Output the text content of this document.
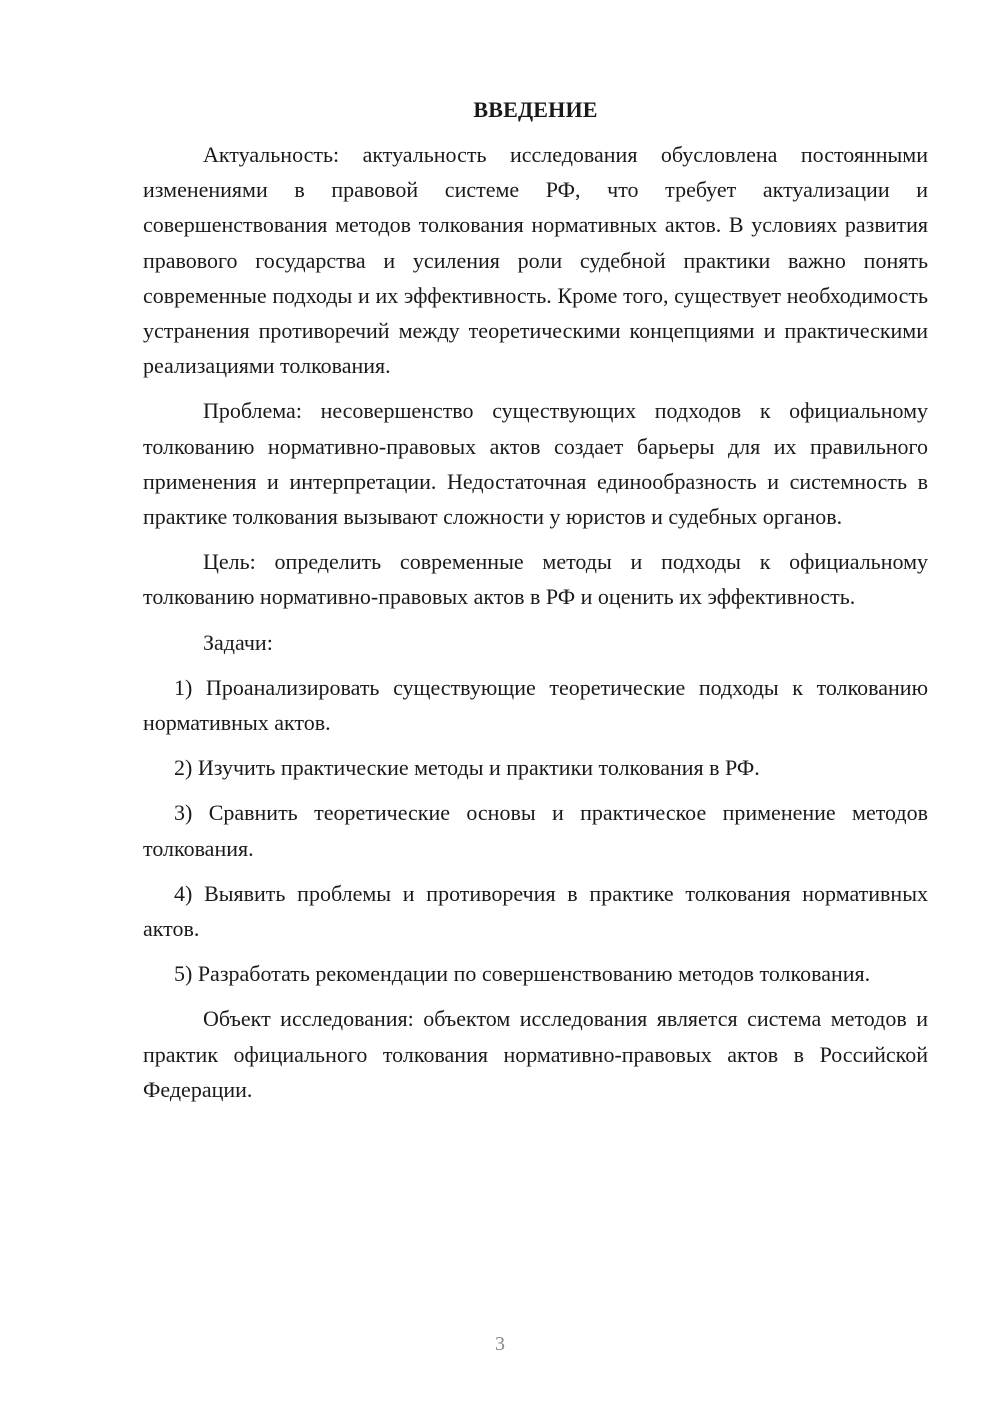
ВВЕДЕНИЕ

Актуальность: актуальность исследования обусловлена постоянными изменениями в правовой системе РФ, что требует актуализации и совершенствования методов толкования нормативных актов. В условиях развития правового государства и усиления роли судебной практики важно понять современные подходы и их эффективность. Кроме того, существует необходимость устранения противоречий между теоретическими концепциями и практическими реализациями толкования.

Проблема: несовершенство существующих подходов к официальному толкованию нормативно-правовых актов создает барьеры для их правильного применения и интерпретации. Недостаточная единообразность и системность в практике толкования вызывают сложности у юристов и судебных органов.

Цель: определить современные методы и подходы к официальному толкованию нормативно-правовых актов в РФ и оценить их эффективность.

Задачи:

1) Проанализировать существующие теоретические подходы к толкованию нормативных актов.

2) Изучить практические методы и практики толкования в РФ.

3) Сравнить теоретические основы и практическое применение методов толкования.

4) Выявить проблемы и противоречия в практике толкования нормативных актов.

5) Разработать рекомендации по совершенствованию методов толкования.

Объект исследования: объектом исследования является система методов и практик официального толкования нормативно-правовых актов в Российской Федерации.

3
